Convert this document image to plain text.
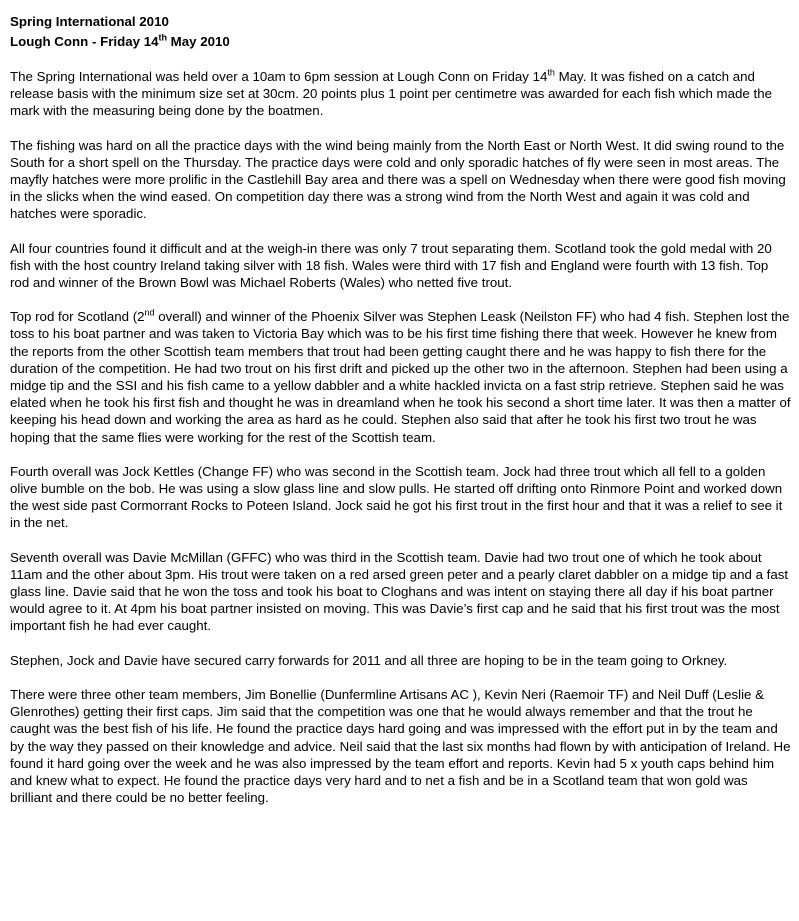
Spring International 2010

Lough Conn - Friday 14th May 2010

The Spring International was held over a 10am to 6pm session at Lough Conn on Friday 14th May. It was fished on a catch and release basis with the minimum size set at 30cm. 20 points plus 1 point per centimetre was awarded for each fish which made the mark with the measuring being done by the boatmen.

The fishing was hard on all the practice days with the wind being mainly from the North East or North West. It did swing round to the South for a short spell on the Thursday. The practice days were cold and only sporadic hatches of fly were seen in most areas. The mayfly hatches were more prolific in the Castlehill Bay area and there was a spell on Wednesday when there were good fish moving in the slicks when the wind eased. On competition day there was a strong wind from the North West and again it was cold and hatches were sporadic.

All four countries found it difficult and at the weigh-in there was only 7 trout separating them. Scotland took the gold medal with 20 fish with the host country Ireland taking silver with 18 fish. Wales were third with 17 fish and England were fourth with 13 fish. Top rod and winner of the Brown Bowl was Michael Roberts (Wales) who netted five trout.

Top rod for Scotland (2nd overall) and winner of the Phoenix Silver was Stephen Leask (Neilston FF) who had 4 fish. Stephen lost the toss to his boat partner and was taken to Victoria Bay which was to be his first time fishing there that week. However he knew from the reports from the other Scottish team members that trout had been getting caught there and he was happy to fish there for the duration of the competition. He had two trout on his first drift and picked up the other two in the afternoon. Stephen had been using a midge tip and the SSI and his fish came to a yellow dabbler and a white hackled invicta on a fast strip retrieve. Stephen said he was elated when he took his first fish and thought he was in dreamland when he took his second a short time later. It was then a matter of keeping his head down and working the area as hard as he could. Stephen also said that after he took his first two trout he was hoping that the same flies were working for the rest of the Scottish team.

Fourth overall was Jock Kettles (Change FF) who was second in the Scottish team. Jock had three trout which all fell to a golden olive bumble on the bob. He was using a slow glass line and slow pulls. He started off drifting onto Rinmore Point and worked down the west side past Cormorrant Rocks to Poteen Island. Jock said he got his first trout in the first hour and that it was a relief to see it in the net.

Seventh overall was Davie McMillan (GFFC) who was third in the Scottish team. Davie had two trout one of which he took about 11am and the other about 3pm. His trout were taken on a red arsed green peter and a pearly claret dabbler on a midge tip and a fast glass line. Davie said that he won the toss and took his boat to Cloghans and was intent on staying there all day if his boat partner would agree to it. At 4pm his boat partner insisted on moving. This was Davie’s first cap and he said that his first trout was the most important fish he had ever caught.

Stephen, Jock and Davie have secured carry forwards for 2011 and all three are hoping to be in the team going to Orkney.

There were three other team members, Jim Bonellie (Dunfermline Artisans AC ), Kevin Neri (Raemoir TF) and Neil Duff (Leslie & Glenrothes) getting their first caps. Jim said that the competition was one that he would always remember and that the trout he caught was the best fish of his life. He found the practice days hard going and was impressed with the effort put in by the team and by the way they passed on their knowledge and advice. Neil said that the last six months had flown by with anticipation of Ireland. He found it hard going over the week and he was also impressed by the team effort and reports. Kevin had 5 x youth caps behind him and knew what to expect. He found the practice days very hard and to net a fish and be in a Scotland team that won gold was brilliant and there could be no better feeling.
